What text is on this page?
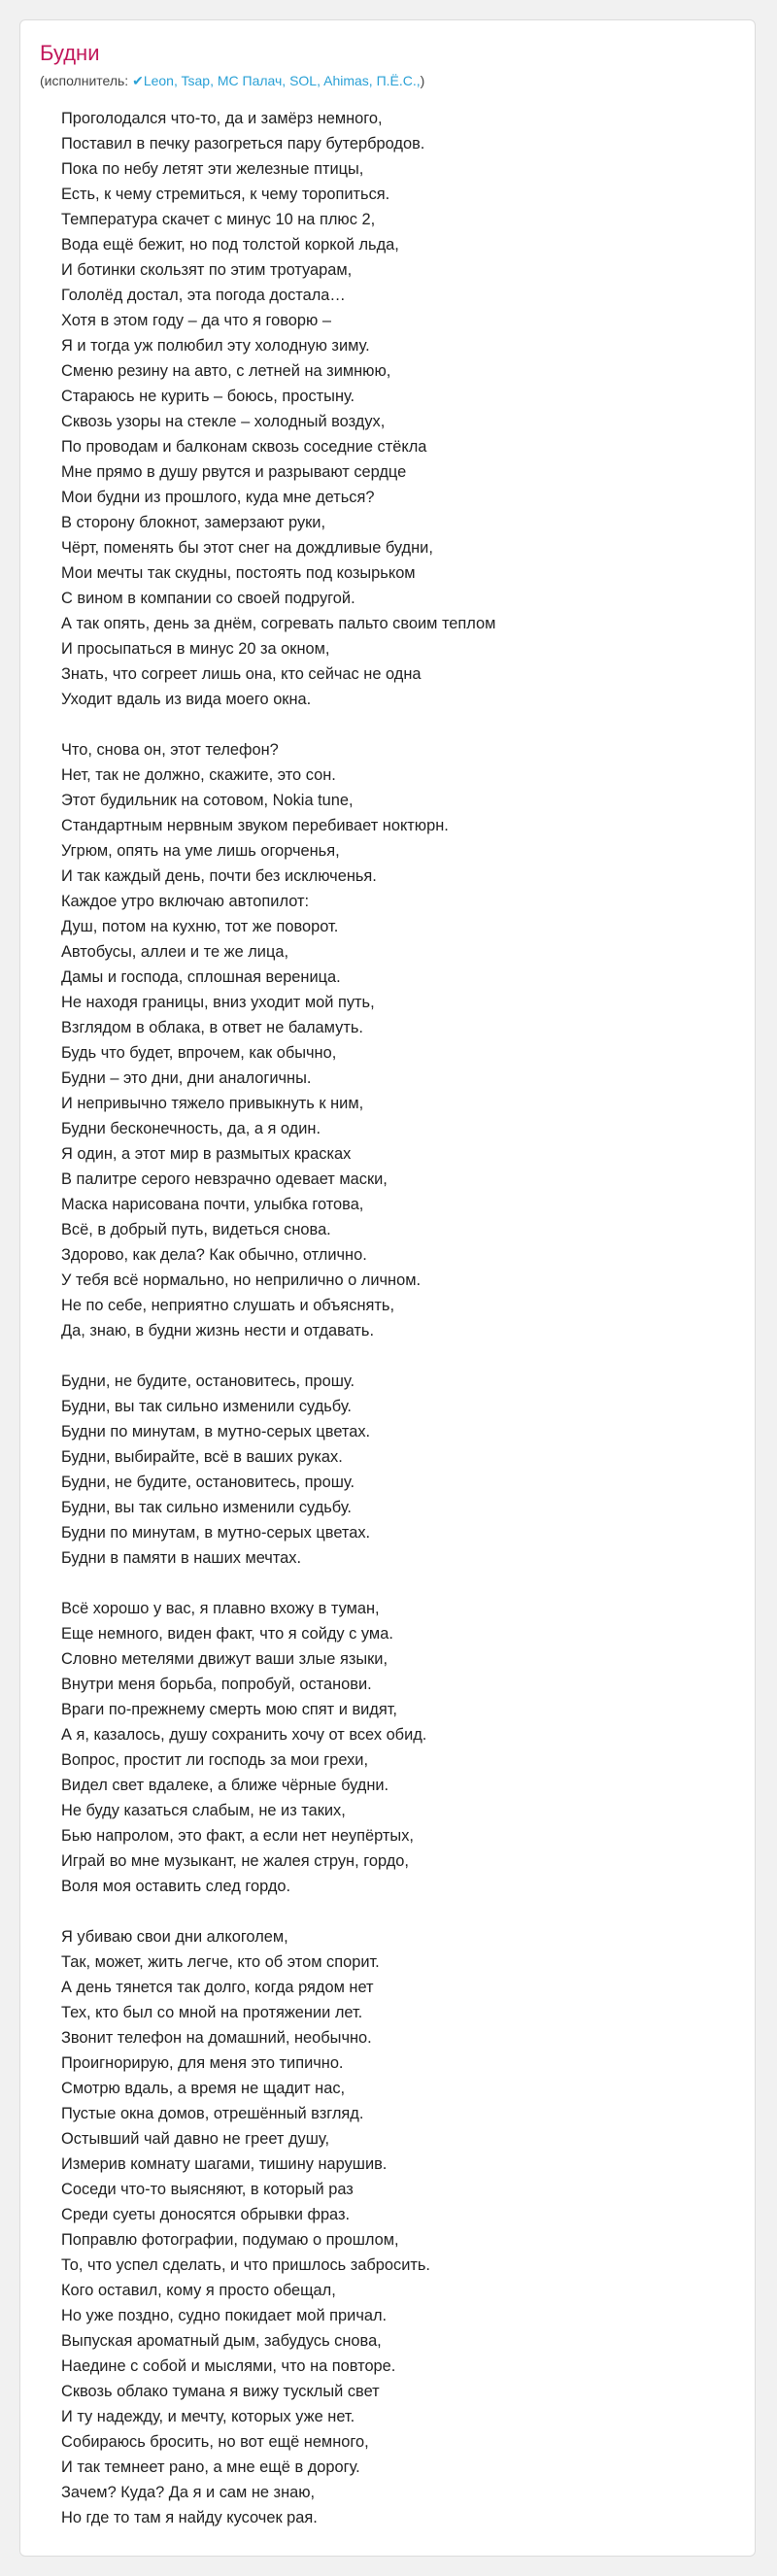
Будни
(исполнитель: ✔Leon, Tsap, MC Палач, SOL, Ahimas, П.Ё.С.,)
Проголодался что-то, да и замёрз немного,
Поставил в печку разогреться пару бутербродов.
Пока по небу летят эти железные птицы,
Есть, к чему стремиться, к чему торопиться.
Температура скачет с минус 10 на плюс 2,
Вода ещё бежит, но под толстой коркой льда,
И ботинки скользят по этим тротуарам,
Гололёд достал, эта погода достала…
Хотя в этом году – да что я говорю –
Я и тогда уж полюбил эту холодную зиму.
Сменю резину на авто, с летней на зимнюю,
Стараюсь не курить – боюсь, простыну.
Сквозь узоры на стекле – холодный воздух,
По проводам и балконам сквозь соседние стёкла
Мне прямо в душу рвутся и разрывают сердце
Мои будни из прошлого, куда мне деться?
В сторону блокнот, замерзают руки,
Чёрт, поменять бы этот снег на дождливые будни,
Мои мечты так скудны, постоять под козырьком
С вином в компании со своей подругой.
А так опять, день за днём, согревать пальто своим теплом
И просыпаться в минус 20 за окном,
Знать, что согреет лишь она, кто сейчас не одна
Уходит вдаль из вида моего окна.
Что, снова он, этот телефон?
Нет, так не должно, скажите, это сон.
Этот будильник на сотовом, Nokia tune,
Стандартным нервным звуком перебивает ноктюрн.
Угрюм, опять на уме лишь огорченья,
И так каждый день, почти без исключенья.
Каждое утро включаю автопилот:
Душ, потом на кухню, тот же поворот.
Автобусы, аллеи и те же лица,
Дамы и господа, сплошная вереница.
Не находя границы, вниз уходит мой путь,
Взглядом в облака, в ответ не баламуть.
Будь что будет, впрочем, как обычно,
Будни – это дни, дни аналогичны.
И непривычно тяжело привыкнуть к ним,
Будни бесконечность, да, а я один.
Я один, а этот мир в размытых красках
В палитре серого невзрачно одевает маски,
Маска нарисована почти, улыбка готова,
Всё, в добрый путь, видеться снова.
Здорово, как дела? Как обычно, отлично.
У тебя всё нормально, но неприлично о личном.
Не по себе, неприятно слушать и объяснять,
Да, знаю, в будни жизнь нести и отдавать.
Будни, не будите, остановитесь, прошу.
Будни, вы так сильно изменили судьбу.
Будни по минутам, в мутно-серых цветах.
Будни, выбирайте, всё в ваших руках.
Будни, не будите, остановитесь, прошу.
Будни, вы так сильно изменили судьбу.
Будни по минутам, в мутно-серых цветах.
Будни в памяти в наших мечтах.
Всё хорошо у вас, я плавно вхожу в туман,
Еще немного, виден факт, что я сойду с ума.
Словно метелями движут ваши злые языки,
Внутри меня борьба, попробуй, останови.
Враги по-прежнему смерть мою спят и видят,
А я, казалось, душу сохранить хочу от всех обид.
Вопрос, простит ли господь за мои грехи,
Видел свет вдалеке, а ближе чёрные будни.
Не буду казаться слабым, не из таких,
Бью напролом, это факт, а если нет неупёртых,
Играй во мне музыкант, не жалея струн, гордо,
Воля моя оставить след гордо.
Я убиваю свои дни алкоголем,
Так, может, жить легче, кто об этом спорит.
А день тянется так долго, когда рядом нет
Тех, кто был со мной на протяжении лет.
Звонит телефон на домашний, необычно.
Проигнорирую, для меня это типично.
Смотрю вдаль, а время не щадит нас,
Пустые окна домов, отрешённый взгляд.
Остывший чай давно не греет душу,
Измерив комнату шагами, тишину нарушив.
Соседи что-то выясняют, в который раз
Среди суеты доносятся обрывки фраз.
Поправлю фотографии, подумаю о прошлом,
То, что успел сделать, и что пришлось забросить.
Кого оставил, кому я просто обещал,
Но уже поздно, судно покидает мой причал.
Выпуская ароматный дым, забудусь снова,
Наедине с собой и мыслями, что на повторе.
Сквозь облако тумана я вижу тусклый свет
И ту надежду, и мечту, которых уже нет.
Собираюсь бросить, но вот ещё немного,
И так темнеет рано, а мне ещё в дорогу.
Зачем? Куда? Да я и сам не знаю,
Но где то там я найду кусочек рая.
